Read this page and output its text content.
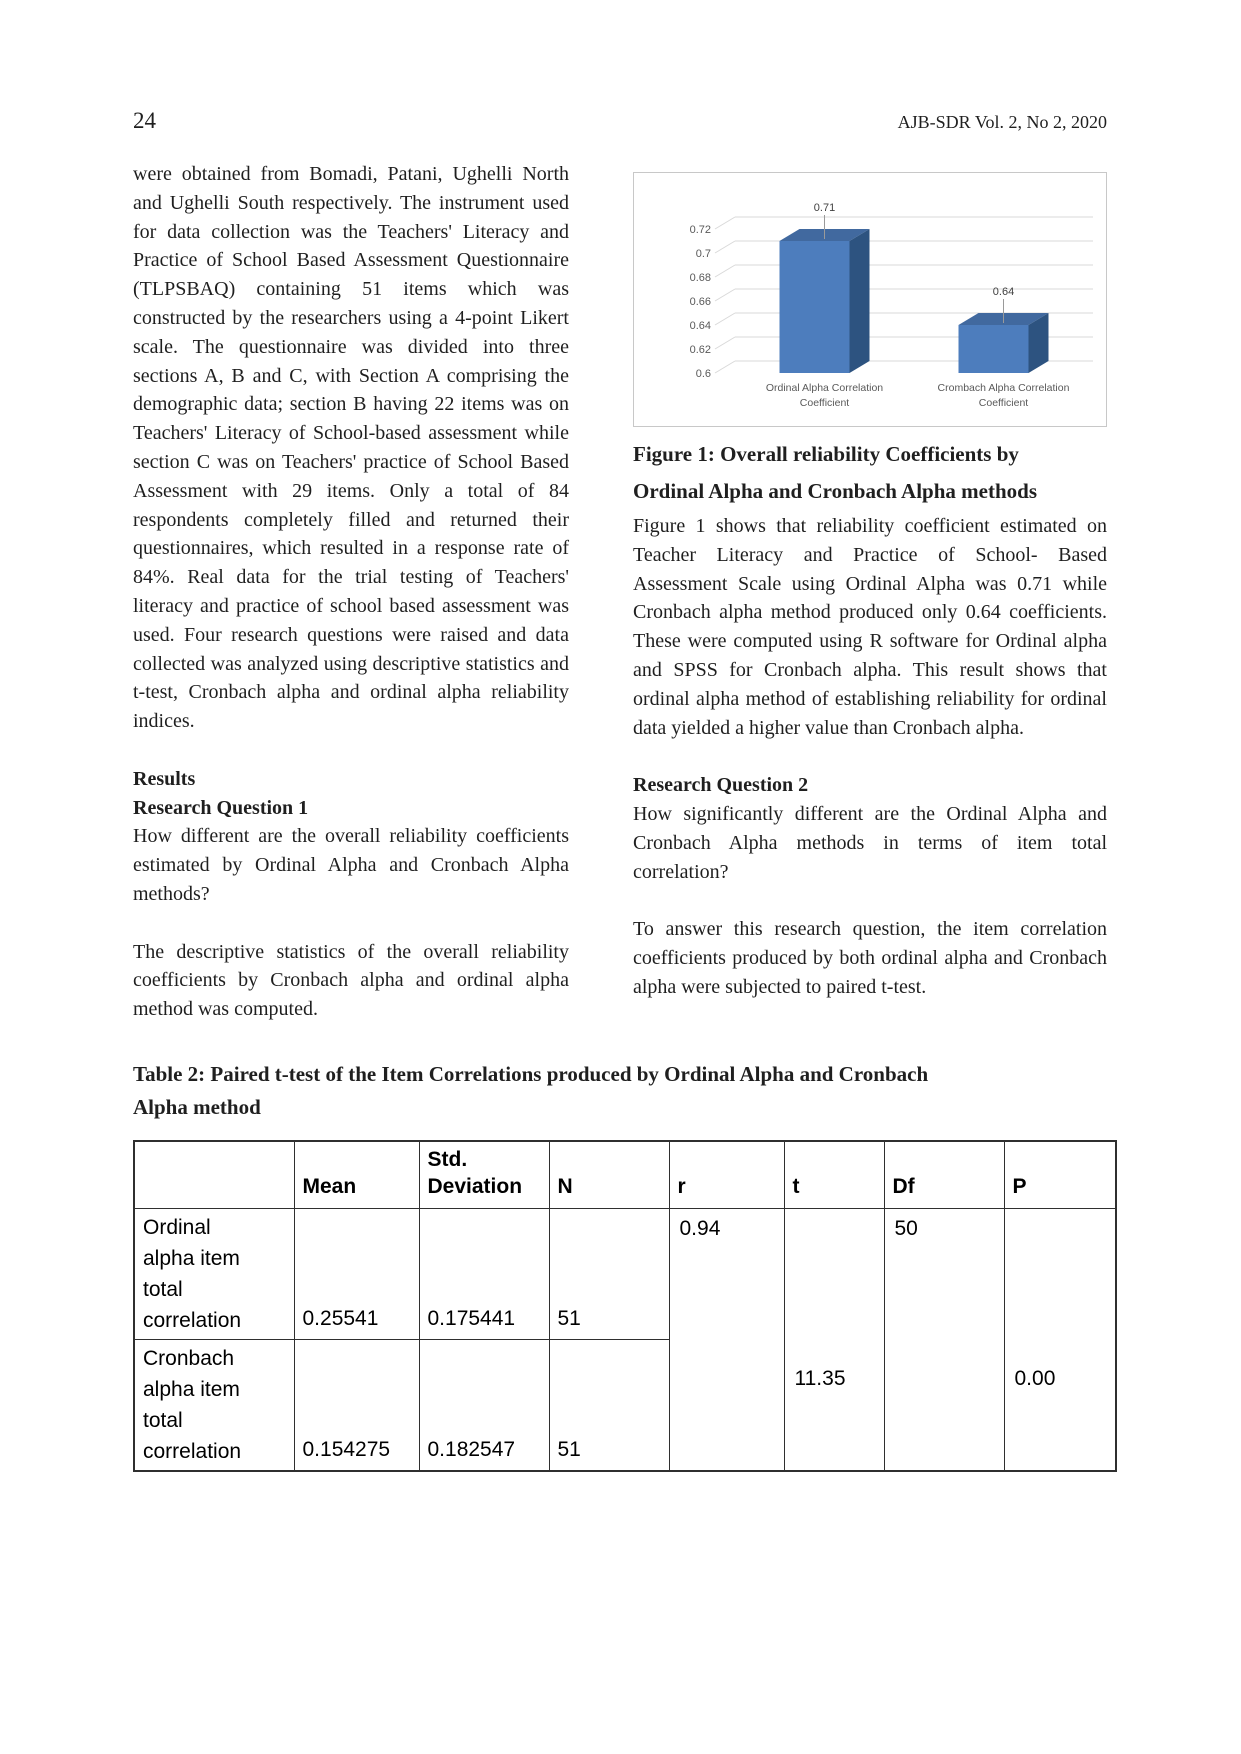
24	AJB-SDR Vol. 2, No 2, 2020

were obtained from Bomadi, Patani, Ughelli North and Ughelli South respectively. The instrument used for data collection was the Teachers' Literacy and Practice of School Based Assessment Questionnaire (TLPSBAQ) containing 51 items which was constructed by the researchers using a 4-point Likert scale. The questionnaire was divided into three sections A, B and C, with Section A comprising the demographic data; section B having 22 items was on Teachers' Literacy of School-based assessment while section C was on Teachers' practice of School Based Assessment with 29 items. Only a total of 84 respondents completely filled and returned their questionnaires, which resulted in a response rate of 84%. Real data for the trial testing of Teachers' literacy and practice of school based assessment was used. Four research questions were raised and data collected was analyzed using descriptive statistics and t-test, Cronbach alpha and ordinal alpha reliability indices.

Results
Research Question 1

How different are the overall reliability coefficients estimated by Ordinal Alpha and Cronbach Alpha methods?

The descriptive statistics of the overall reliability coefficients by Cronbach alpha and ordinal alpha method was computed.

0.72
0.7
0.68
0.66
0.64
0.62
0.6
0.71
Ordinal Alpha Correlation Coefficient
0.64
Crombach Alpha Correlation Coefficient
Figure 1: Overall reliability Coefficients by
Ordinal Alpha and Cronbach Alpha methods

Figure 1 shows that reliability coefficient estimated on Teacher Literacy and Practice of School- Based Assessment Scale using Ordinal Alpha was 0.71 while Cronbach alpha method produced only 0.64 coefficients. These were computed using R software for Ordinal alpha and SPSS for Cronbach alpha. This result shows that ordinal alpha method of establishing reliability for ordinal data yielded a higher value than Cronbach alpha.

Research Question 2

How significantly different are the Ordinal Alpha and Cronbach Alpha methods in terms of item total correlation?

To answer this research question, the item correlation coefficients produced by both ordinal alpha and Cronbach alpha were subjected to paired t-test.

Table 2: Paired t-test of the Item Correlations produced by Ordinal Alpha and Cronbach Alpha method
	Mean	Std. Deviation	N	r	t	Df	P
Ordinal alpha item total correlation	0.25541	0.175441	51	0.94	11.35	50	0.00

Cronbach alpha item total correlation	0.154275	0.182547	51				
